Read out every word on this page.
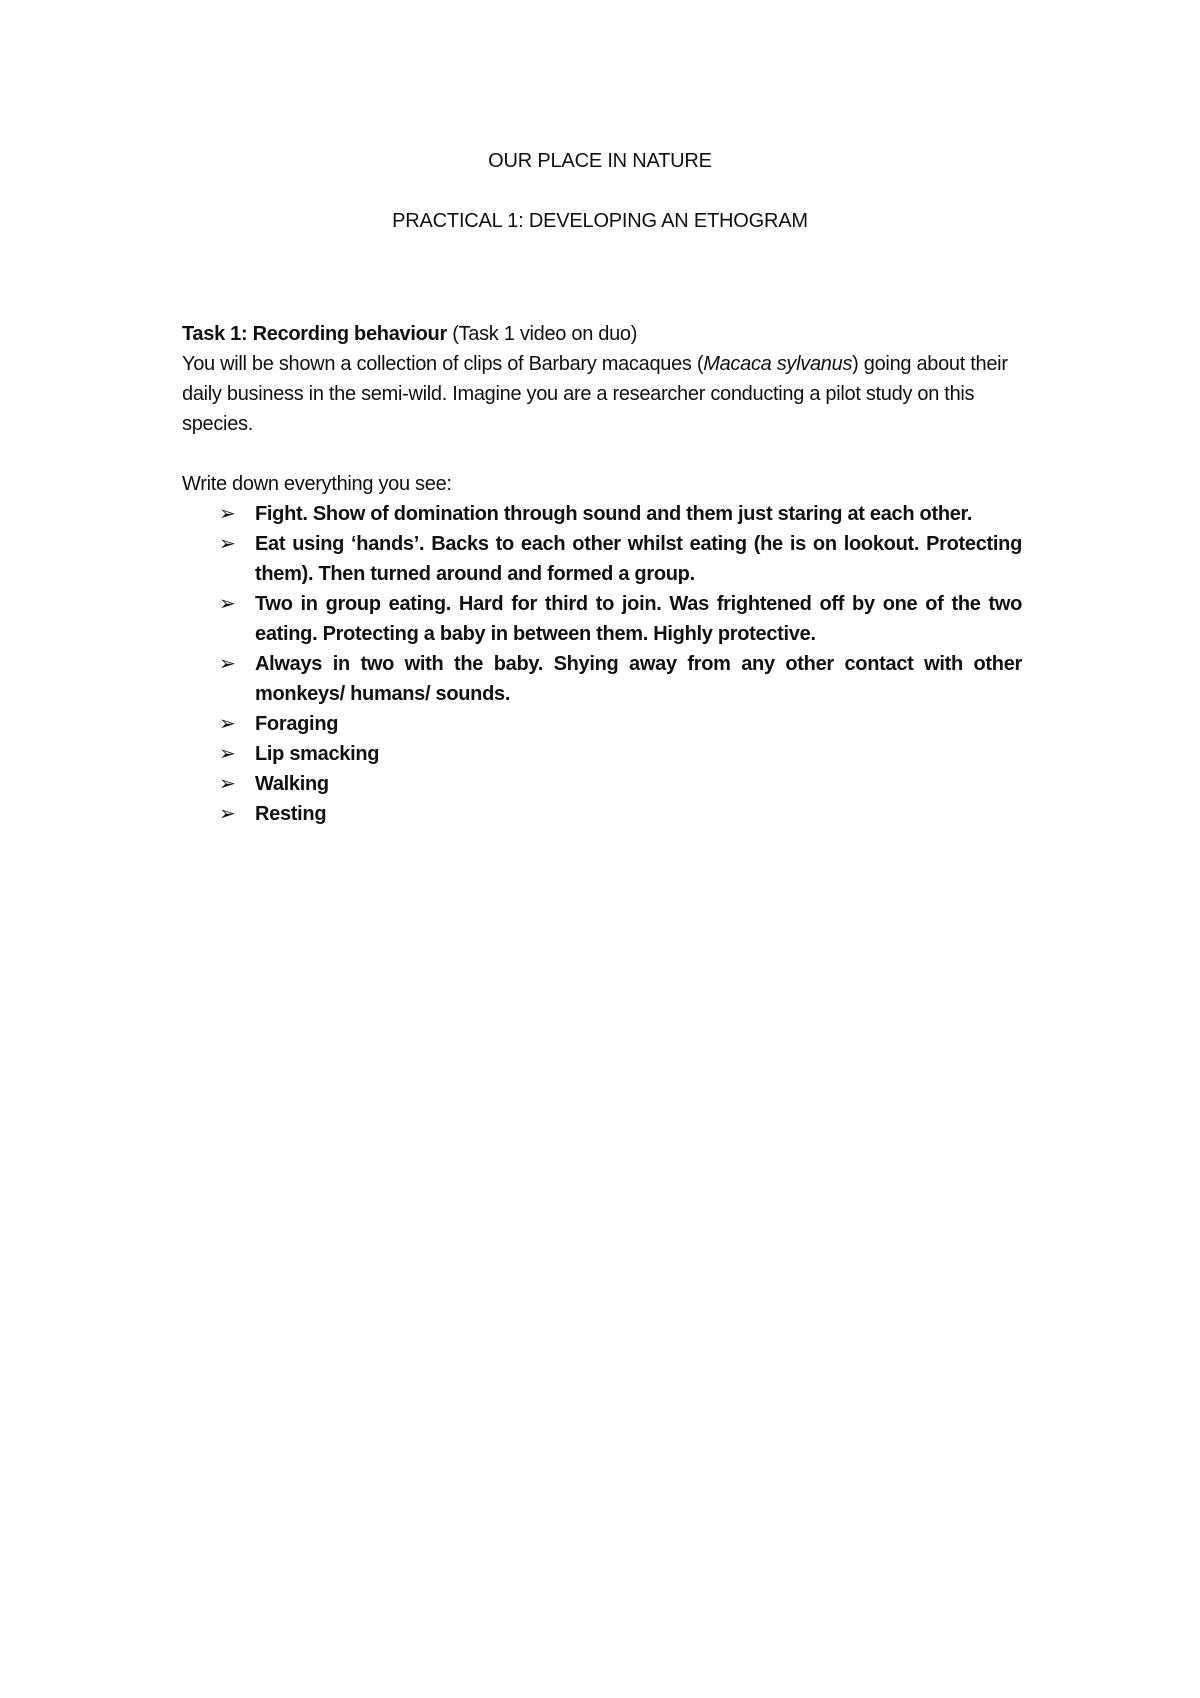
OUR PLACE IN NATURE
PRACTICAL 1: DEVELOPING AN ETHOGRAM

Task 1: Recording behaviour (Task 1 video on duo)

You will be shown a collection of clips of Barbary macaques (Macaca sylvanus) going about their daily business in the semi-wild. Imagine you are a researcher conducting a pilot study on this species.

Write down everything you see:

➢ Fight. Show of domination through sound and them just staring at each other.
➢ Eat using ‘hands’. Backs to each other whilst eating (he is on lookout. Protecting them). Then turned around and formed a group.
➢ Two in group eating. Hard for third to join. Was frightened off by one of the two eating. Protecting a baby in between them. Highly protective.
➢ Always in two with the baby. Shying away from any other contact with other monkeys/ humans/ sounds.
➢ Foraging
➢ Lip smacking
➢ Walking
➢ Resting
